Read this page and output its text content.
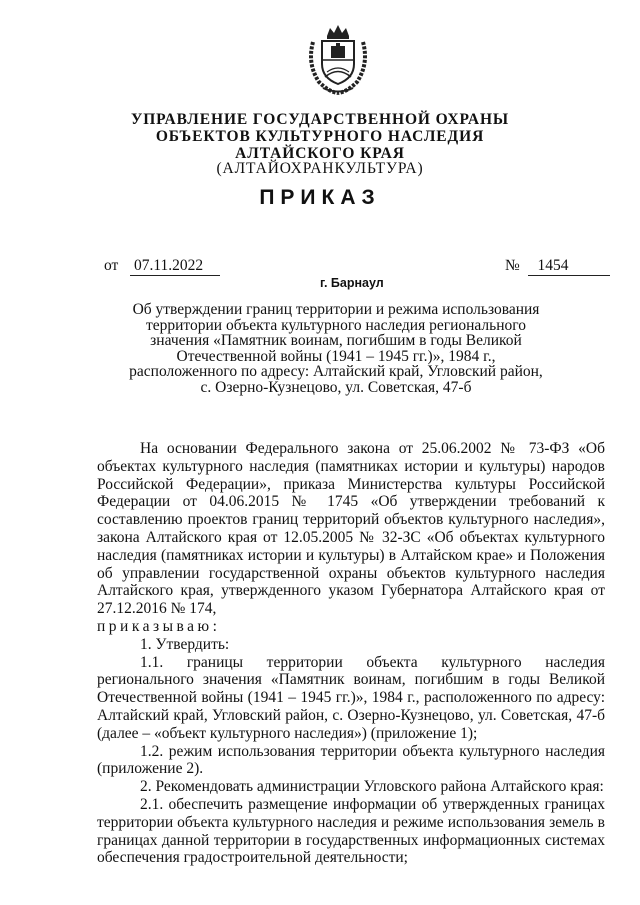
УПРАВЛЕНИЕ ГОСУДАРСТВЕННОЙ ОХРАНЫ
ОБЪЕКТОВ КУЛЬТУРНОГО НАСЛЕДИЯ
АЛТАЙСКОГО КРАЯ
(АЛТАЙОХРАНКУЛЬТУРА)
ПРИКАЗ
от 07.11.2022	№ 1454
г. Барнаул
Об утверждении границ территории и режима использования
территории объекта культурного наследия регионального
значения «Памятник воинам, погибшим в годы Великой
Отечественной войны (1941 – 1945 гг.)», 1984 г.,
расположенного по адресу: Алтайский край, Угловский район,
с. Озерно-Кузнецово, ул. Советская, 47-б

На основании Федерального закона от 25.06.2002 № 73-ФЗ «Об объектах культурного наследия (памятниках истории и культуры) народов Российской Федерации», приказа Министерства культуры Российской Федерации от 04.06.2015 № 1745 «Об утверждении требований к составлению проектов границ территорий объектов культурного наследия», закона Алтайского края от 12.05.2005 № 32-ЗС «Об объектах культурного наследия (памятниках истории и культуры) в Алтайском крае» и Положения об управлении государственной охраны объектов культурного наследия Алтайского края, утвержденного указом Губернатора Алтайского края от 27.12.2016 № 174,

приказываю:

1. Утвердить:

1.1. границы территории объекта культурного наследия регионального значения «Памятник воинам, погибшим в годы Великой Отечественной войны (1941 – 1945 гг.)», 1984 г., расположенного по адресу: Алтайский край, Угловский район, с. Озерно-Кузнецово, ул. Советская, 47-б (далее – «объект культурного наследия») (приложение 1);

1.2. режим использования территории объекта культурного наследия (приложение 2).

2. Рекомендовать администрации Угловского района Алтайского края:

2.1. обеспечить размещение информации об утвержденных границах территории объекта культурного наследия и режиме использования земель в границах данной территории в государственных информационных системах обеспечения градостроительной деятельности;
